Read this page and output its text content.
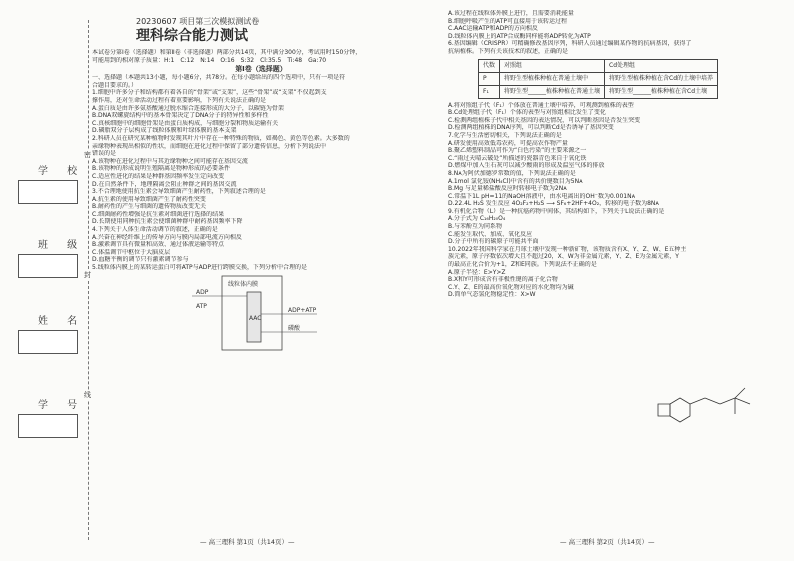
学 校
班 级
姓 名
学 号
密
封
线
20230607 项目第三次模拟测试卷
理科综合能力测试
本试卷分第Ⅰ卷（选择题）和第Ⅱ卷（非选择题）两部分共14页，其中满分300分，考试用时150分钟，
可能用到的相对原子质量：H:1　C:12　N:14　O:16　S:32　Cl:35.5　Ti:48　Ga:70
第Ⅰ卷（选择题）
一、选择题（本题共13小题，每小题6分，共78分。在每小题给出的四个选项中，只有一项是符
合题目要求的。）
1.细胞中许多分子和结构都有着各自的“骨架”或“支架”，这些“骨架”或“支架”不仅起到支
撑作用，还对生命活动过程有着重要影响，下列有关说法正确的是
A.蛋白质是由许多氨基酸通过脱水缩合连接形成的大分子，以碳链为骨架
B.DNA双螺旋结构中的基本骨架决定了DNA分子的特异性和多样性
C.真核细胞中的细胞骨架是由蛋白质构成，与细胞分裂和物质运输有关
D.磷脂双分子层构成了线粒体膜和叶绿体膜的基本支架
2.科研人员在研究某种植物时发现其叶片中存在一种特殊的物质，如褐色、黄色等色素。大多数的
亲缘物种表现出相似的性状，而细胞在进化过程中保留了部分遗传信息，分析下列说法中
错误的是
A.该物种在进化过程中与其近缘物种之间可能存在基因交流
B.该物种的形成说明生殖隔离是物种形成的必要条件
C.适应性进化的结果是种群基因频率发生定向改变
D.在自然条件下，地理隔离会阻止种群之间的基因交流
3.不合理地使用抗生素会导致细菌产生耐药性，下列叙述合理的是
A.抗生素的使用导致细菌产生了耐药性突变
B.耐药性的产生与细菌的遗传物质改变无关
C.细菌耐药性增强是抗生素对细菌进行选择的结果
D.长期使用同种抗生素会使细菌种群中耐药基因频率下降
4.下列关于人体生命活动调节的叙述，正确的是
A.兴奋在神经纤维上的传导方向与膜内局部电流方向相反
B.激素调节具有微量和高效、通过体液运输等特点
C.体温调节中枢位于大脑皮层
D.血糖平衡的调节只有激素调节参与
5.线粒体内膜上的某转运蛋白可将ATP与ADP进行跨膜交换，下列分析中合理的是
线粒体内膜
ADP
ATP
AAC
ADP+ATP
磷酸
— 高三理科 第1页（共14页）—
A.该过程在线粒体外膜上进行，且需要消耗能量
B.细胞呼吸产生的ATP可直接用于该转运过程
C.AAC运输ATP和ADP的方向相反
D.线粒体内膜上的ATP合成酶同样能将ADP转化为ATP
6.基因编辑（CRISPR）可精确修改基因序列，科研人员通过编辑某作物的抗病基因，获得了
抗病植株。下列有关该技术的叙述，正确的是
代数	对照组	Cd处理组
P	将野生型植株种植在普通土壤中	将野生型植株种植在含Cd的土壤中培养
F₁	将野生型______植株种植在普通土壤	将野生型______植株种植在含Cd土壤
A.将对照组子代（F₁）个体放在普通土壤中培养，可观测到植株的表型
B.Cd处理组子代（F₁）个体的表型与对照组相比发生了变化
C.检测两组植株子代中相关基因的表达情况，可以判断基因是否发生突变
D.检测两组植株的DNA序列，可以判断Cd是否诱导了基因突变
7.化学与生活密切相关，下列说法正确的是
A.研发使用高效低毒农药，可提高农作物产量
B.聚乙烯塑料制品可作为“白色污染”的主要来源之一
C.“雨过天晴云破处”所描述的瓷器青色来自于氧化铁
D.燃煤中加入生石灰可以减少酸雨的形成及温室气体的排放
8.Nᴀ为阿伏加德罗常数的值，下列说法正确的是
A.1mol 氯化铵(NH₄Cl)中含有的共价键数目为5Nᴀ
B.Mg 与足量稀盐酸反应时转移电子数为2Nᴀ
C.常温下1L pH=11的NaOH溶液中，由水电离出的OH⁻数为0.001Nᴀ
D.22.4L H₂S 发生反应 4O₂F₂+H₂S ⟶ SF₆+2HF+4O₂，转移的电子数为8Nᴀ
9.有机化合物（L）是一种抗癌药物中间体，其结构如下，下列关于L说法正确的是
A.分子式为 C₁₆H₂₀O₄
B.与苯酚互为同系物
C.能发生取代、加成、氧化反应
D.分子中所有的碳原子可能共平面
10.2022年我国科学家在月球土壤中发现一种新矿物，该物质含有X、Y、Z、W、E五种主
族元素，原子序数依次增大且不超过20，X、W为非金属元素，Y、Z、E为金属元素，Y
的最高正化合价为+1，Z和E同族。下列说法不正确的是
A.原子半径：E>Y>Z
B.X和Y可形成含有非极性键的离子化合物
C.Y、Z、E的最高价氧化物对应的水化物均为碱
D.简单气态氢化物稳定性：X>W
— 高三理科 第2页（共14页）—
